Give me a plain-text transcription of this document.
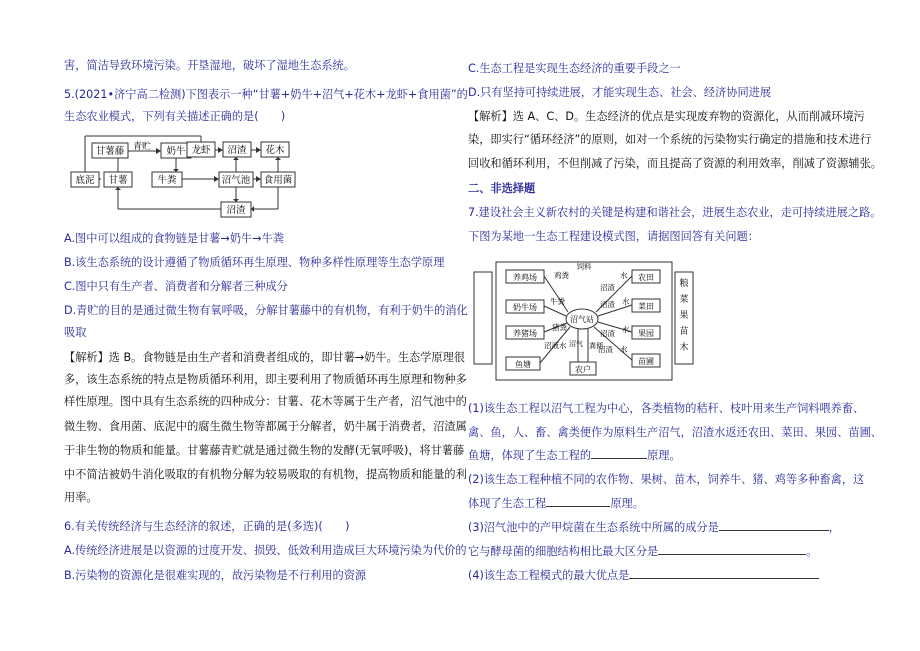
害，简洁导致环境污染。开垦湿地，破坏了湿地生态系统。
5.(2021•济宁高二检测)下图表示一种“甘薯+奶牛+沼气+花木+龙虾+食用菌”的
生态农业模式，下列有关描述正确的是(　　)
甘薯藤 青贮 奶牛 龙虾 沼渣 花木
底泥 甘薯	牛粪	沼气池 食用菌
沼渣
A.图中可以组成的食物链是甘薯→奶牛→牛粪
B.该生态系统的设计遵循了物质循环再生原理、物种多样性原理等生态学原理
C.图中只有生产者、消费者和分解者三种成分
D.青贮的目的是通过微生物有氧呼吸，分解甘薯藤中的有机物，有利于奶牛的消化
吸取
【解析】选 B。食物链是由生产者和消费者组成的，即甘薯→奶牛。生态学原理很
多，该生态系统的特点是物质循环利用，即主要利用了物质循环再生原理和物种多
样性原理。图中具有生态系统的四种成分：甘薯、花木等属于生产者，沼气池中的
微生物、食用菌、底泥中的腐生微生物等都属于分解者，奶牛属于消费者，沼渣属
于非生物的物质和能量。甘薯藤青贮就是通过微生物的发酵(无氧呼吸)，将甘薯藤
中不简洁被奶牛消化吸取的有机物分解为较易吸取的有机物，提高物质和能量的利
用率。
6.有关传统经济与生态经济的叙述，正确的是(多选)(　　)
A.传统经济进展是以资源的过度开发、损毁、低效利用造成巨大环境污染为代价的
B.污染物的资源化是很难实现的，故污染物是不行利用的资源
C.生态工程是实现生态经济的重要手段之一
D.只有坚持可持续进展，才能实现生态、社会、经济协同进展
【解析】选 A、C、D。生态经济的优点是实现废弃物的资源化，从而削减环境污
染，即实行“循环经济”的原则，如对一个系统的污染物实行确定的措施和技术进行
回收和循环利用，不但削减了污染，而且提高了资源的利用效率，削减了资源辅张。
二、非选择题
7.建设社会主义新农村的关键是构建和谐社会，进展生态农业，走可持续进展之路。
下图为某地一生态工程建设模式图，请据图回答有关问题：
粮菜果苗木
饲料
养鸡场
奶牛场
养猪场
鱼塘
农田
菜田
果园
苗圃
沼气站
农户
鸡粪
牛粪
猪粪
沼液水
沼渣
水
沼渣 水
沼渣 水
沼渣 水
沼气 粪便
(1)该生态工程以沼气工程为中心，各类植物的秸秆、枝叶用来生产饲料喂养畜、
禽、鱼，人、畜、禽类便作为原料生产沼气，沼渣水返还农田、菜田、果园、苗圃、
鱼塘，体现了生态工程的	原理。
(2)该生态工程种植不同的农作物、果树、苗木，饲养牛、猪、鸡等多种畜禽，这
体现了生态工程	原理。
(3)沼气池中的产甲烷菌在生态系统中所属的成分是	，
它与酵母菌的细胞结构相比最大区分是	。
(4)该生态工程模式的最大优点是
